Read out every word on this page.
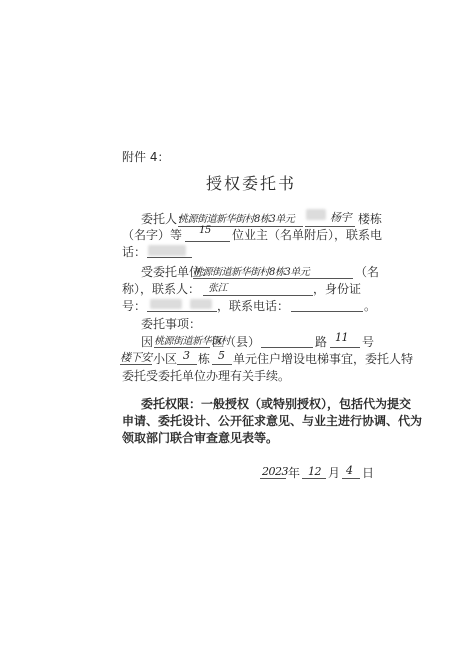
附件 4：
授权委托书
委托人：
桃源街道新华街村8栋3单元	杨宇 楼栋
（名字）等 15 位业主（名单附后），联系电
话：
受委托单位：
桃源街道新华街村8栋3单元	（名
称），联系人： 张江	，身份证
号：	，联系电话：	。
委托事项：
因 桃源街道新华街村
区（县）	路 11 号
楼下安 小区 3 栋 5 单元住户增设电梯事宜，委托人特
委托受委托单位办理有关手续。
委托权限：一般授权（或特别授权），包括代为提交
申请、委托设计、公开征求意见、与业主进行协调、代为
领取部门联合审查意见表等。
2023 年 12 月 4 日
